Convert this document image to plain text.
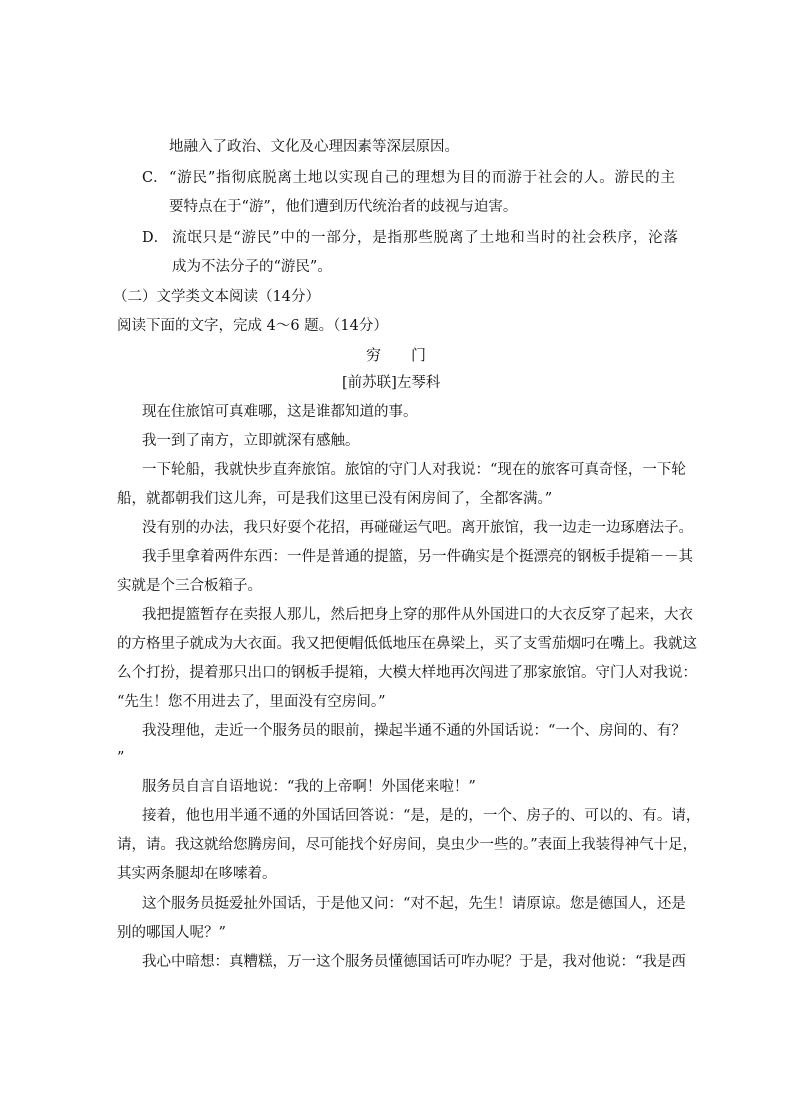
地融入了政治、文化及心理因素等深层原因。
C． “游民”指彻底脱离土地以实现自己的理想为目的而游于社会的人。游民的主
要特点在于“游”，他们遭到历代统治者的歧视与迫害。
D． 流氓只是“游民”中的一部分，是指那些脱离了土地和当时的社会秩序，沦落
成为不法分子的“游民”。
（二）文学类文本阅读（14分）
阅读下面的文字，完成 4～6 题。（14分）
穷　　门
[前苏联]左琴科
现在住旅馆可真难哪，这是谁都知道的事。
我一到了南方，立即就深有感触。
一下轮船，我就快步直奔旅馆。旅馆的守门人对我说：“现在的旅客可真奇怪，一下轮
船，就都朝我们这儿奔，可是我们这里已没有闲房间了，全都客满。”
没有别的办法，我只好耍个花招，再碰碰运气吧。离开旅馆，我一边走一边琢磨法子。
我手里拿着两件东西：一件是普通的提篮，另一件确实是个挺漂亮的钢板手提箱－－其
实就是个三合板箱子。
我把提篮暂存在卖报人那儿，然后把身上穿的那件从外国进口的大衣反穿了起来，大衣
的方格里子就成为大衣面。我又把便帽低低地压在鼻梁上，买了支雪茄烟叼在嘴上。我就这
么个打扮，提着那只出口的钢板手提箱，大模大样地再次闯进了那家旅馆。守门人对我说：
“先生！您不用进去了，里面没有空房间。”
我没理他，走近一个服务员的眼前，操起半通不通的外国话说：“一个、房间的、有？
”
服务员自言自语地说：“我的上帝啊！外国佬来啦！”
接着，他也用半通不通的外国话回答说：“是，是的，一个、房子的、可以的、有。请，
请，请。我这就给您腾房间，尽可能找个好房间，臭虫少一些的。”表面上我装得神气十足，
其实两条腿却在哆嗦着。
这个服务员挺爱扯外国话，于是他又问：“对不起，先生！请原谅。您是德国人，还是
别的哪国人呢？”
我心中暗想：真糟糕，万一这个服务员懂德国话可咋办呢？于是，我对他说：“我是西
